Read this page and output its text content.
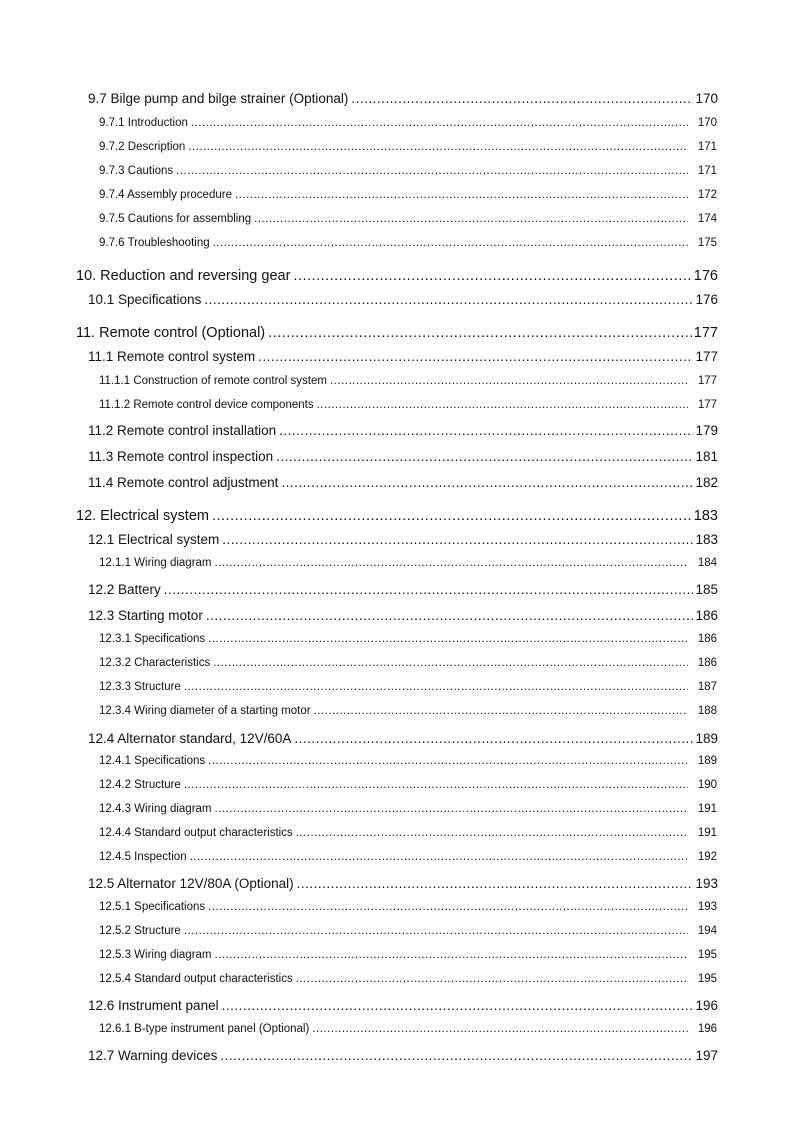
9.7 Bilge pump and bilge strainer (Optional) .....	170
9.7.1 Introduction .....	170
9.7.2 Description .....	171
9.7.3 Cautions .....	171
9.7.4 Assembly procedure .....	172
9.7.5 Cautions for assembling .....	174
9.7.6 Troubleshooting .....	175
10. Reduction and reversing gear .....	176
10.1 Specifications .....	176
11. Remote control (Optional) .....	177
11.1 Remote control system .....	177
11.1.1 Construction of remote control system .....	177
11.1.2 Remote control device components .....	177
11.2 Remote control installation .....	179
11.3 Remote control inspection .....	181
11.4 Remote control adjustment .....	182
12. Electrical system .....	183
12.1 Electrical system .....	183
12.1.1 Wiring diagram .....	184
12.2 Battery .....	185
12.3 Starting motor .....	186
12.3.1 Specifications .....	186
12.3.2 Characteristics .....	186
12.3.3 Structure .....	187
12.3.4 Wiring diameter of a starting motor .....	188
12.4 Alternator standard, 12V/60A .....	189
12.4.1 Specifications .....	189
12.4.2 Structure .....	190
12.4.3 Wiring diagram .....	191
12.4.4 Standard output characteristics .....	191
12.4.5 Inspection .....	192
12.5 Alternator 12V/80A (Optional) .....	193
12.5.1 Specifications .....	193
12.5.2 Structure .....	194
12.5.3 Wiring diagram .....	195
12.5.4 Standard output characteristics .....	195
12.6 Instrument panel .....	196
12.6.1 B-type instrument panel (Optional) .....	196
12.7 Warning devices .....	197
